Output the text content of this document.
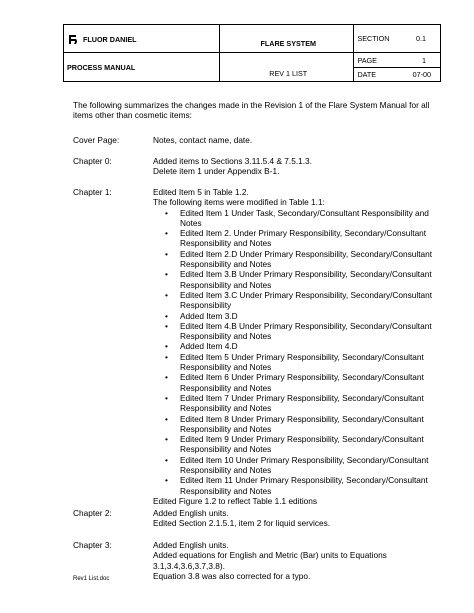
FLUOR DANIEL	FLARE SYSTEM	SECTION 0.1

PROCESS MANUAL	REV 1 LIST	PAGE 1
DATE 07-00
The following summarizes the changes made in the Revision 1 of the Flare System Manual for all items other than cosmetic items:
Cover Page:	Notes, contact name, date.
Chapter 0:	Added items to Sections 3.11.5.4 & 7.5.1.3.
Delete item 1 under Appendix B-1.
Chapter 1:	Edited Item 5 in Table 1.2.
The following items were modified in Table 1.1:
• Edited Item 1 Under Task, Secondary/Consultant Responsibility and Notes
• Edited Item 2. Under Primary Responsibility, Secondary/Consultant Responsibility and Notes
• Edited Item 2.D Under Primary Responsibility, Secondary/Consultant Responsibility and Notes
• Edited Item 3.B Under Primary Responsibility, Secondary/Consultant Responsibility and Notes
• Edited Item 3.C Under Primary Responsibility, Secondary/Consultant Responsibility
• Added Item 3.D
• Edited Item 4.B Under Primary Responsibility, Secondary/Consultant Responsibility and Notes
• Added Item 4.D
• Edited Item 5 Under Primary Responsibility, Secondary/Consultant Responsibility and Notes
• Edited Item 6 Under Primary Responsibility, Secondary/Consultant Responsibility and Notes
• Edited Item 7 Under Primary Responsibility, Secondary/Consultant Responsibility and Notes
• Edited Item 8 Under Primary Responsibility, Secondary/Consultant Responsibility and Notes
• Edited Item 9 Under Primary Responsibility, Secondary/Consultant Responsibility and Notes
• Edited Item 10 Under Primary Responsibility, Secondary/Consultant Responsibility and Notes
• Edited Item 11 Under Primary Responsibility, Secondary/Consultant Responsibility and Notes
Edited Figure 1.2 to reflect Table 1.1 editions
Chapter 2:	Added English units.
Edited Section 2.1.5.1, item 2 for liquid services.
Chapter 3:	Added English units.
Added equations for English and Metric (Bar) units to Equations 3.1,3.4,3.6,3.7,3.8).
Equation 3.8 was also corrected for a typo.
Rev1 List.doc
